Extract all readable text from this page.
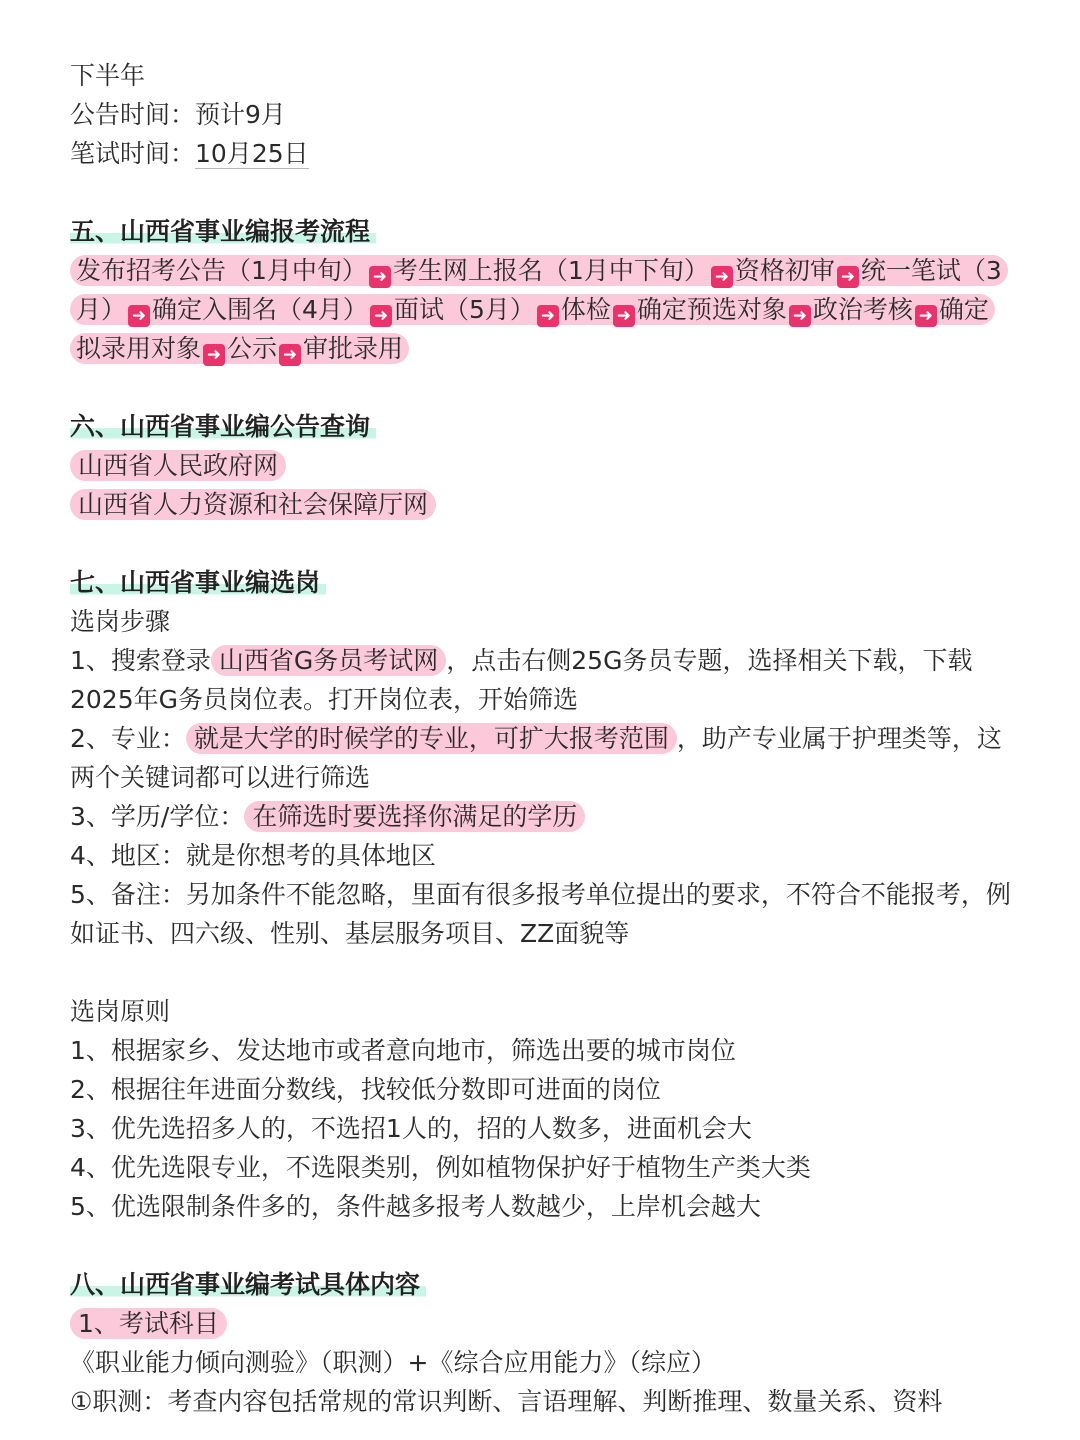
下半年
公告时间：预计9月
笔试时间：10月25日
五、山西省事业编报考流程
发布招考公告（1月中旬） ➜ 考生网上报名（1月中下旬） ➜ 资格初审 ➜ 统一笔试（3月） ➜ 确定入围名（4月） ➜ 面试（5月） ➜ 体检 ➜ 确定预选对象 ➜ 政治考核 ➜ 确定拟录用对象 ➜ 公示 ➜ 审批录用
六、山西省事业编公告查询
山西省人民政府网
山西省人力资源和社会保障厅网
七、山西省事业编选岗
选岗步骤
1、搜索登录 山西省G务员考试网 ，点击右侧25G务员专题，选择相关下载，下载2025年G务员岗位表。打开岗位表，开始筛选
2、专业： 就是大学的时候学的专业，可扩大报考范围 ，助产专业属于护理类等，这两个关键词都可以进行筛选
3、学历/学位： 在筛选时要选择你满足的学历
4、地区：就是你想考的具体地区
5、备注：另加条件不能忽略，里面有很多报考单位提出的要求，不符合不能报考，例如证书、四六级、性别、基层服务项目、ZZ面貌等
选岗原则
1、根据家乡、发达地市或者意向地市，筛选出要的城市岗位
2、根据往年进面分数线，找较低分数即可进面的岗位
3、优先选招多人的，不选招1人的，招的人数多，进面机会大
4、优先选限专业，不选限类别，例如植物保护好于植物生产类大类
5、优选限制条件多的，条件越多报考人数越少，上岸机会越大
八、山西省事业编考试具体内容
1、考试科目
《职业能力倾向测验》（职测）+《综合应用能力》（综应）
①职测：考查内容包括常规的常识判断、言语理解、判断推理、数量关系、资料
